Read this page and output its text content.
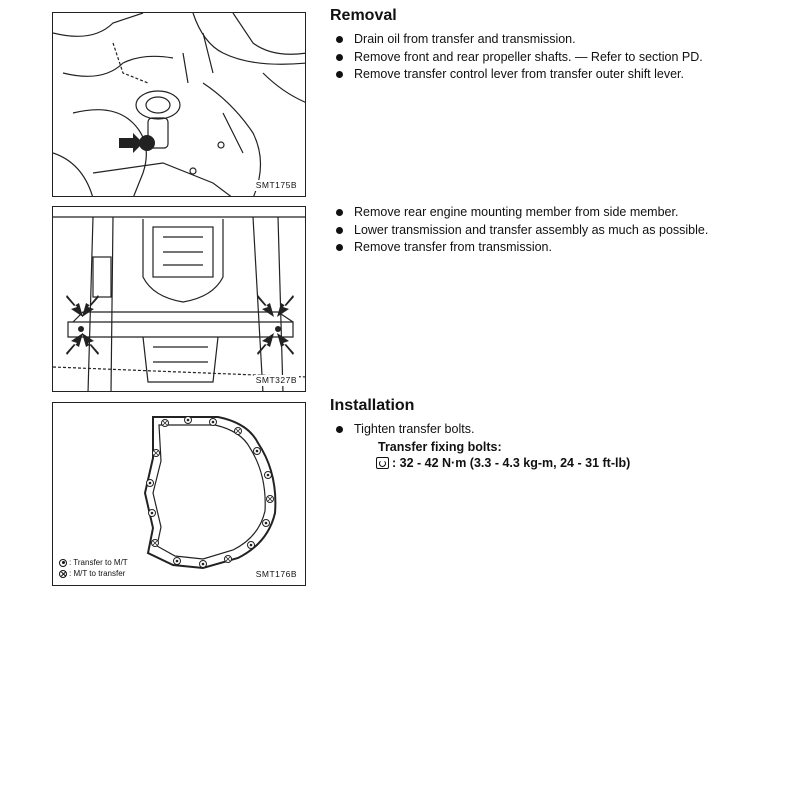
SMT175B
SMT327B
: Transfer to M/T
: M/T to transfer	SMT176B
Removal
Drain oil from transfer and transmission.
Remove front and rear propeller shafts. — Refer to section PD.
Remove transfer control lever from transfer outer shift lever.
Remove rear engine mounting member from side member.
Lower transmission and transfer assembly as much as possible.
Remove transfer from transmission.
Installation
Tighten transfer bolts.
Transfer fixing bolts:
: 32 - 42 N·m (3.3 - 4.3 kg-m, 24 - 31 ft-lb)
